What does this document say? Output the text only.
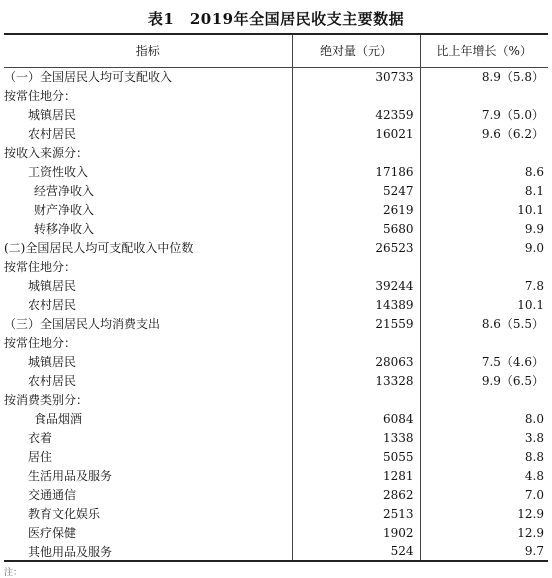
表1　2019年全国居民收支主要数据
指标	绝对量（元）	比上年增长（%）
（一）全国居民人均可支配收入	30733	8.9（5.8）
按常住地分：		
城镇居民	42359	7.9（5.0）
农村居民	16021	9.6（6.2）
按收入来源分：		
工资性收入	17186	8.6
经营净收入	5247	8.1
财产净收入	2619	10.1
转移净收入	5680	9.9
(二)全国居民人均可支配收入中位数	26523	9.0
按常住地分：		
城镇居民	39244	7.8
农村居民	14389	10.1
（三）全国居民人均消费支出	21559	8.6（5.5）
按常住地分：		
城镇居民	28063	7.5（4.6）
农村居民	13328	9.9（6.5）
按消费类别分：		
食品烟酒	6084	8.0
衣着	1338	3.8
居住	5055	8.8
生活用品及服务	1281	4.8
交通通信	2862	7.0
教育文化娱乐	2513	12.9
医疗保健	1902	12.9
其他用品及服务	524	9.7
注：
